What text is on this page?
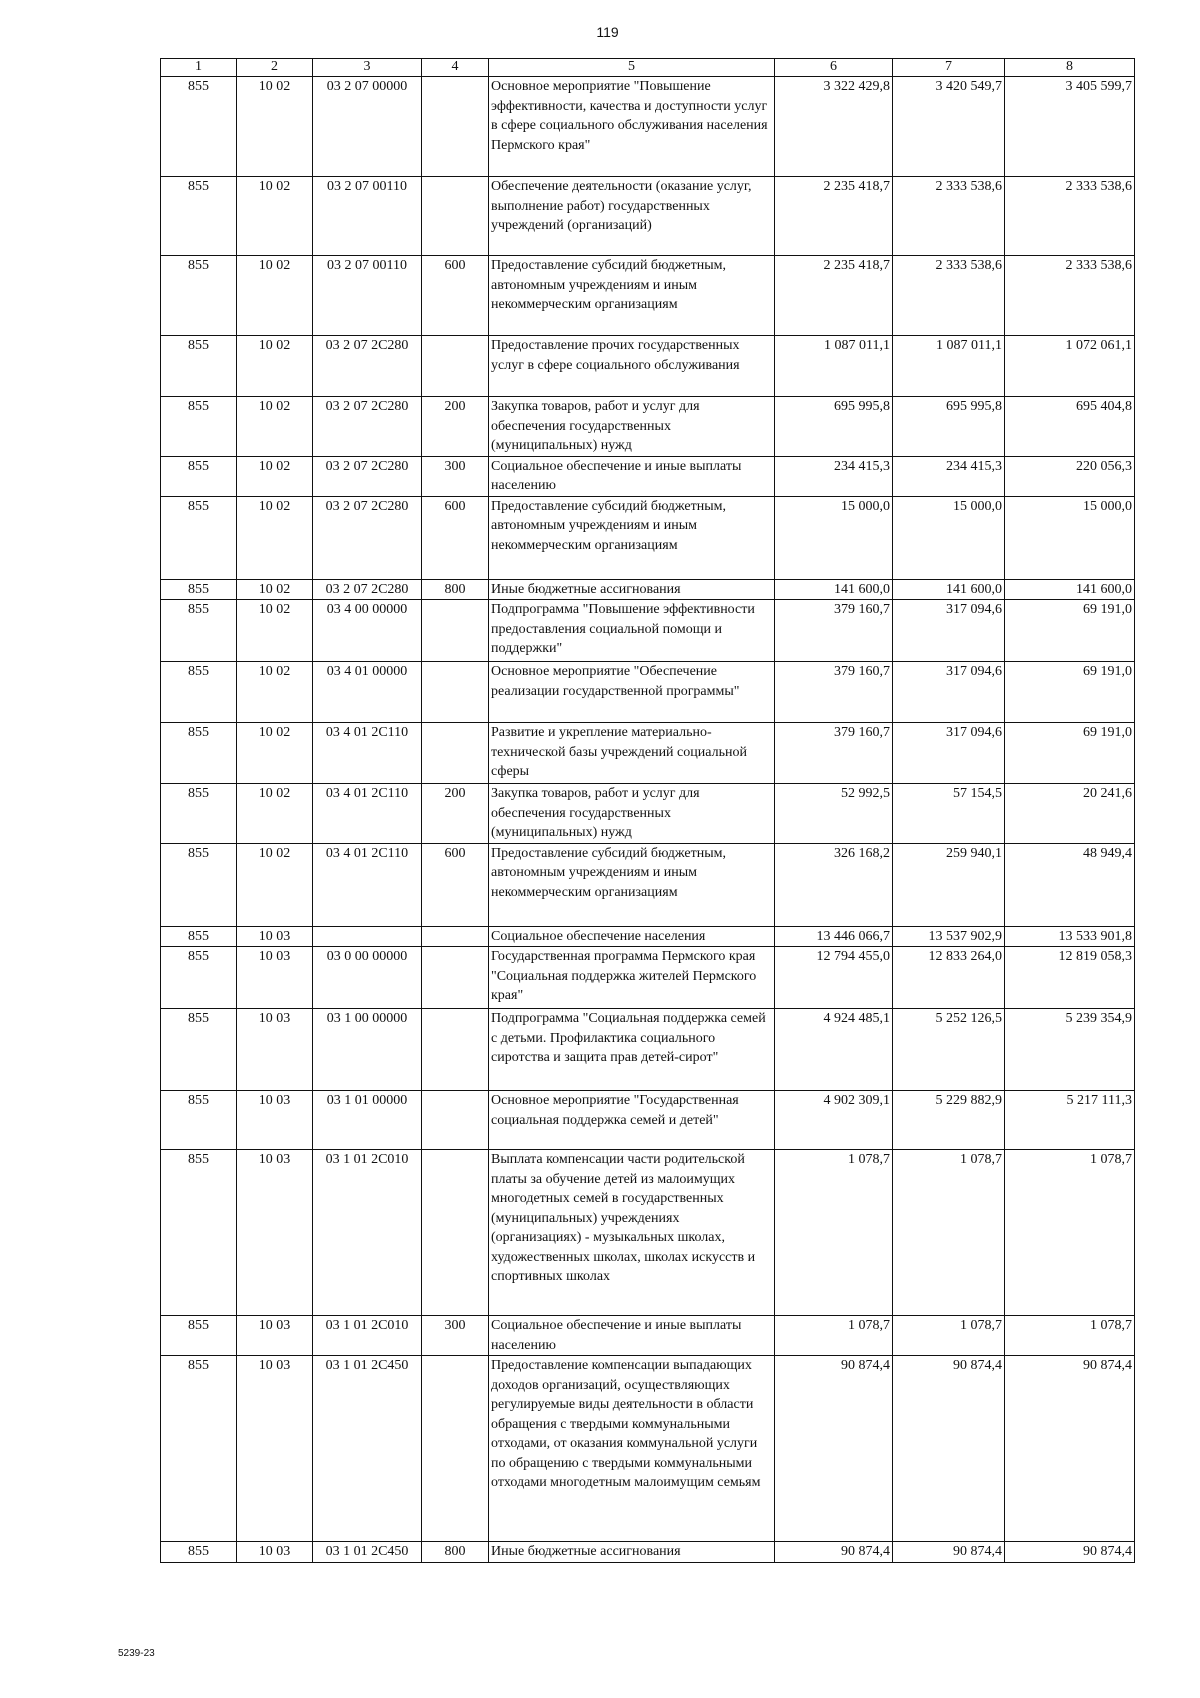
119
1	2	3	4	5	6	7	8
855	10 02	03 2 07 00000		Основное мероприятие "Повышение эффективности, качества и доступности услуг в сфере социального обслуживания населения Пермского края"	3 322 429,8	3 420 549,7	3 405 599,7
855	10 02	03 2 07 00110		Обеспечение деятельности (оказание услуг, выполнение работ) государственных учреждений (организаций)	2 235 418,7	2 333 538,6	2 333 538,6
855	10 02	03 2 07 00110	600	Предоставление субсидий бюджетным, автономным учреждениям и иным некоммерческим организациям	2 235 418,7	2 333 538,6	2 333 538,6
855	10 02	03 2 07 2С280		Предоставление прочих государственных услуг в сфере социального обслуживания	1 087 011,1	1 087 011,1	1 072 061,1
855	10 02	03 2 07 2С280	200	Закупка товаров, работ и услуг для обеспечения государственных (муниципальных) нужд	695 995,8	695 995,8	695 404,8
855	10 02	03 2 07 2С280	300	Социальное обеспечение и иные выплаты населению	234 415,3	234 415,3	220 056,3
855	10 02	03 2 07 2С280	600	Предоставление субсидий бюджетным, автономным учреждениям и иным некоммерческим организациям	15 000,0	15 000,0	15 000,0
855	10 02	03 2 07 2С280	800	Иные бюджетные ассигнования	141 600,0	141 600,0	141 600,0
855	10 02	03 4 00 00000		Подпрограмма "Повышение эффективности предоставления социальной помощи и поддержки"	379 160,7	317 094,6	69 191,0
855	10 02	03 4 01 00000		Основное мероприятие "Обеспечение реализации государственной программы"	379 160,7	317 094,6	69 191,0
855	10 02	03 4 01 2С110		Развитие и укрепление материально-технической базы учреждений социальной сферы	379 160,7	317 094,6	69 191,0
855	10 02	03 4 01 2С110	200	Закупка товаров, работ и услуг для обеспечения государственных (муниципальных) нужд	52 992,5	57 154,5	20 241,6
855	10 02	03 4 01 2С110	600	Предоставление субсидий бюджетным, автономным учреждениям и иным некоммерческим организациям	326 168,2	259 940,1	48 949,4
855	10 03			Социальное обеспечение населения	13 446 066,7	13 537 902,9	13 533 901,8
855	10 03	03 0 00 00000		Государственная программа Пермского края "Социальная поддержка жителей Пермского края"	12 794 455,0	12 833 264,0	12 819 058,3
855	10 03	03 1 00 00000		Подпрограмма "Социальная поддержка семей с детьми. Профилактика социального сиротства и защита прав детей-сирот"	4 924 485,1	5 252 126,5	5 239 354,9
855	10 03	03 1 01 00000		Основное мероприятие "Государственная социальная поддержка семей и детей"	4 902 309,1	5 229 882,9	5 217 111,3
855	10 03	03 1 01 2С010		Выплата компенсации части родительской платы за обучение детей из малоимущих многодетных семей в государственных (муниципальных) учреждениях (организациях) - музыкальных школах, художественных школах, школах искусств и спортивных школах	1 078,7	1 078,7	1 078,7
855	10 03	03 1 01 2С010	300	Социальное обеспечение и иные выплаты населению	1 078,7	1 078,7	1 078,7
855	10 03	03 1 01 2С450		Предоставление компенсации выпадающих доходов организаций, осуществляющих регулируемые виды деятельности в области обращения с твердыми коммунальными отходами, от оказания коммунальной услуги по обращению с твердыми коммунальными отходами многодетным малоимущим семьям	90 874,4	90 874,4	90 874,4
855	10 03	03 1 01 2С450	800	Иные бюджетные ассигнования	90 874,4	90 874,4	90 874,4
5239-23
